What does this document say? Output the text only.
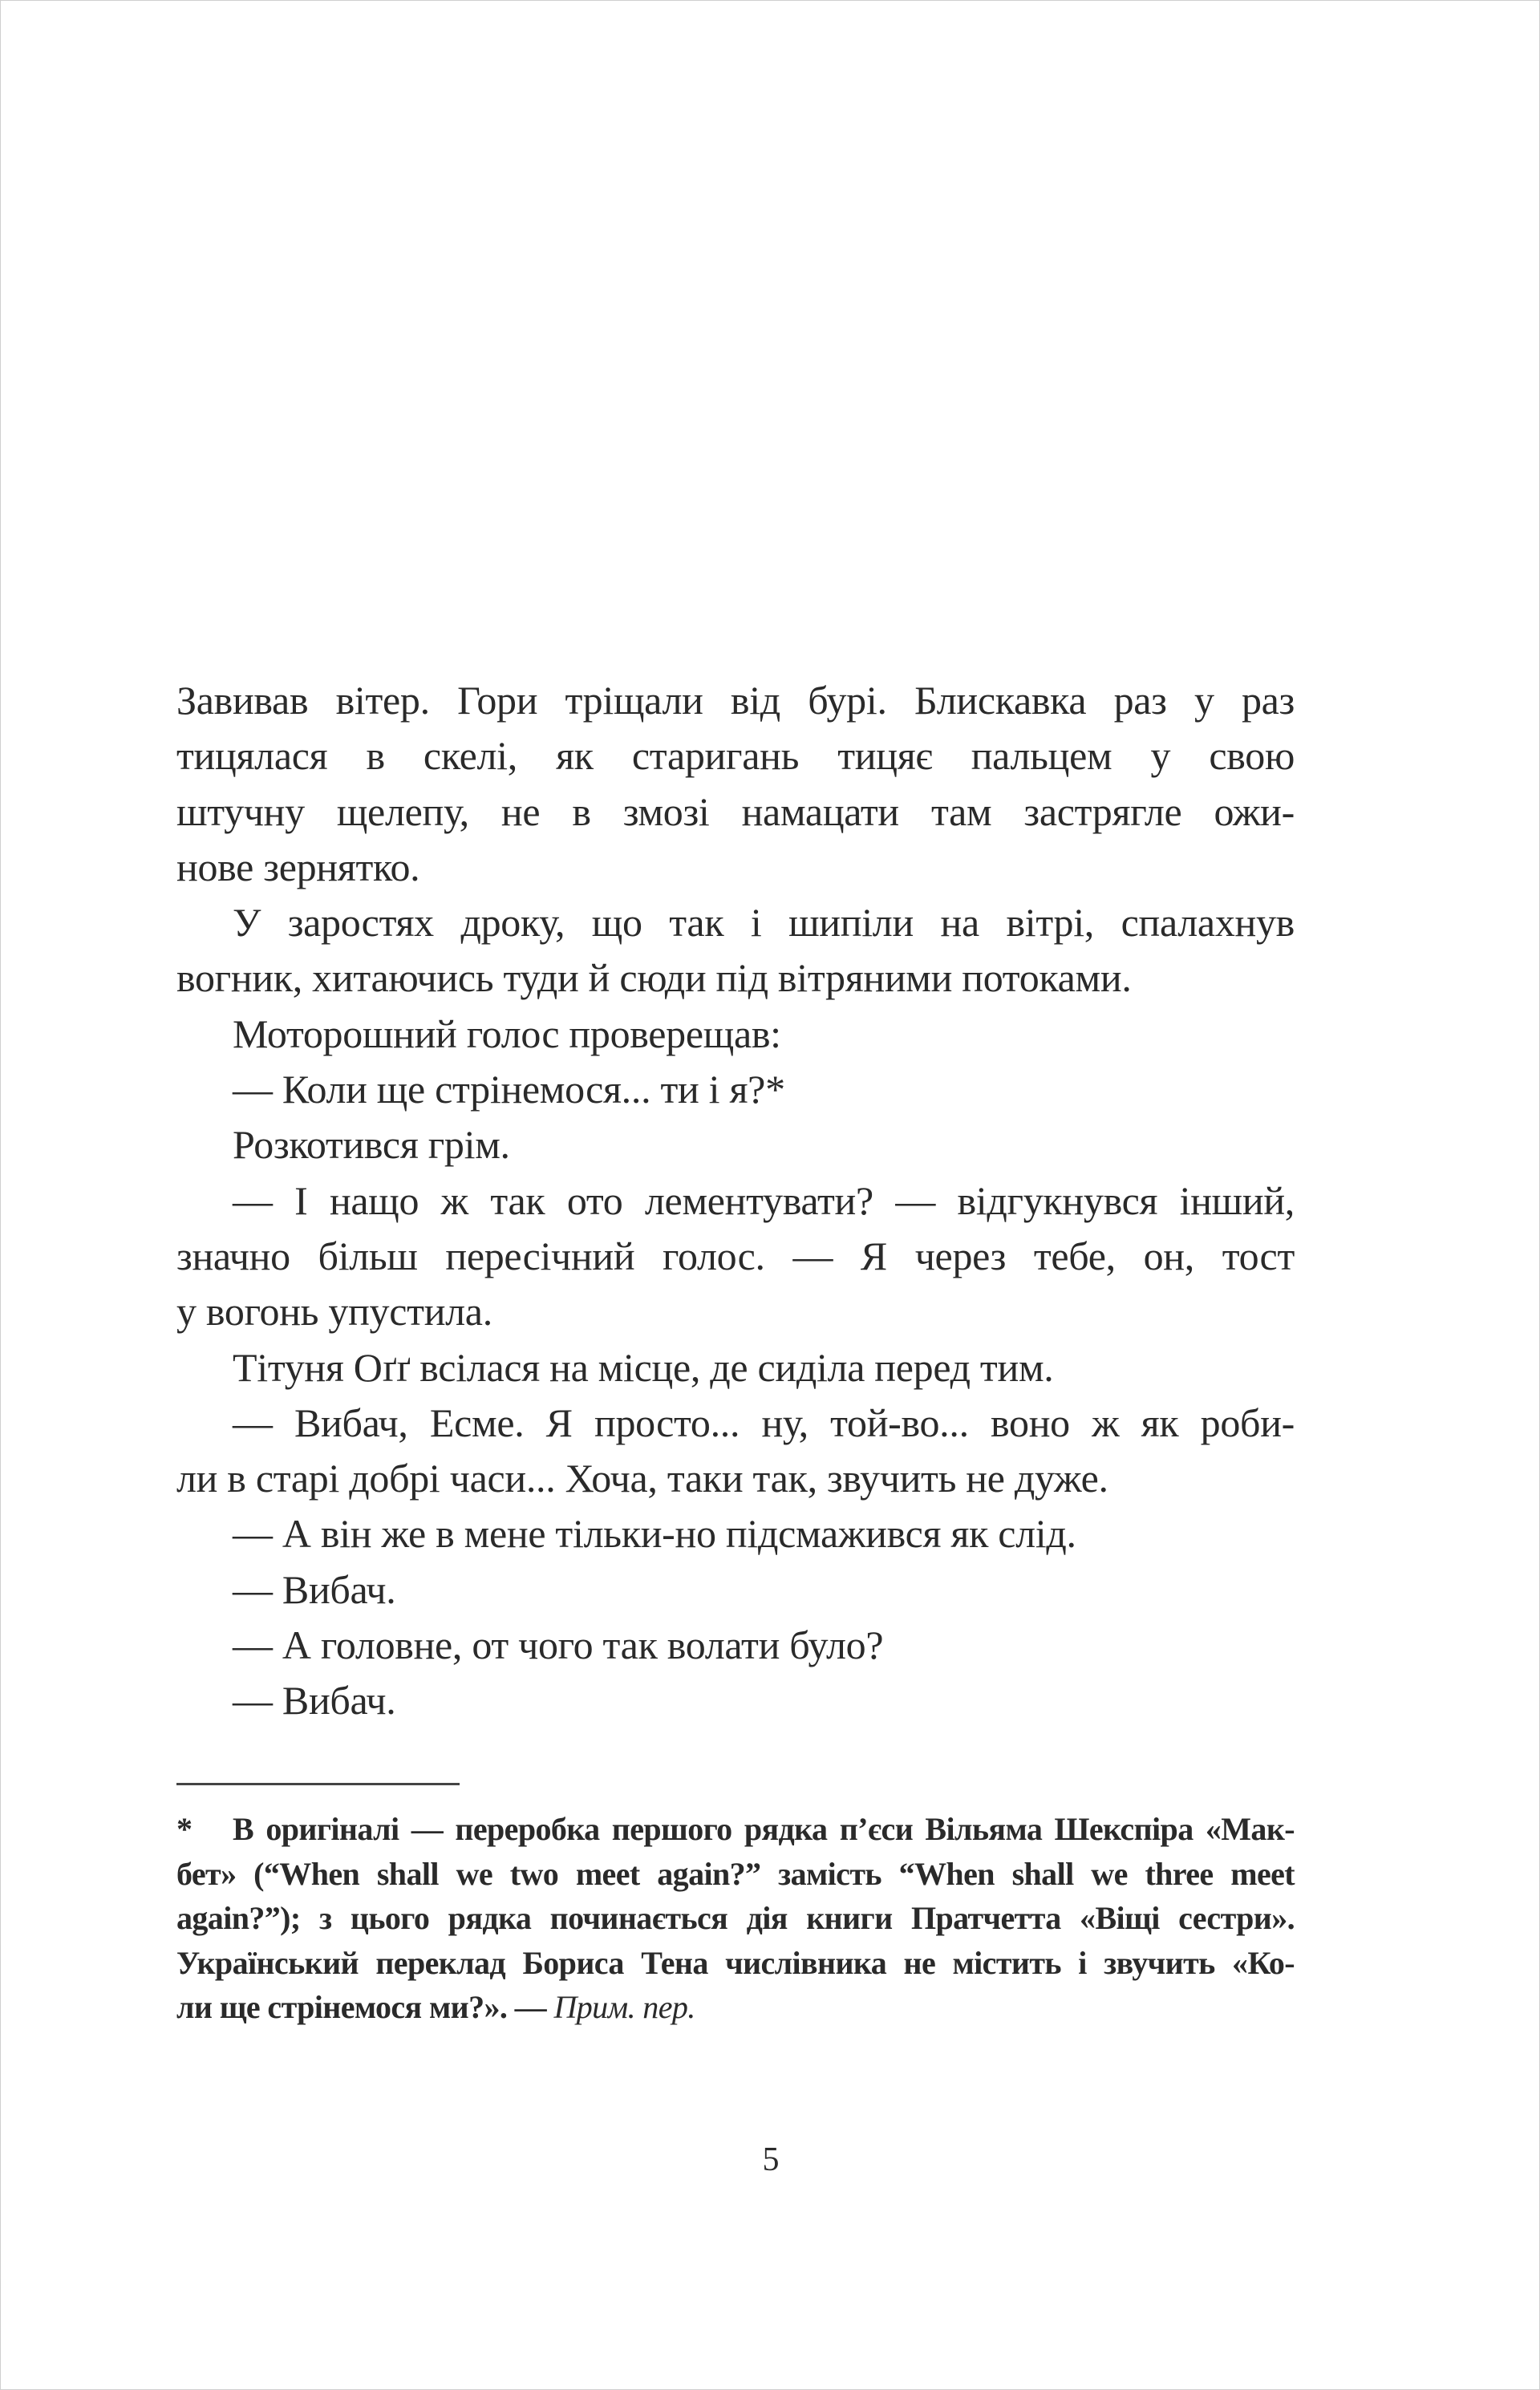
Завивав вітер. Гори тріщали від бурі. Блискавка раз у раз
тицялася в скелі, як старигань тицяє пальцем у свою
штучну щелепу, не в змозі намацати там застрягле ожи-
нове зернятко.
У заростях дроку, що так і шипіли на вітрі, спалахнув
вогник, хитаючись туди й сюди під вітряними потоками.
Моторошний голос проверещав:
— Коли ще стрінемося... ти і я?*
Розкотився грім.
— І нащо ж так ото лементувати? — відгукнувся інший,
значно більш пересічний голос. — Я через тебе, он, тост
у вогонь упустила.
Тітуня Оґґ всілася на місце, де сиділа перед тим.
— Вибач, Есме. Я просто... ну, той-во... воно ж як роби-
ли в старі добрі часи... Хоча, таки так, звучить не дуже.
— А він же в мене тільки-но підсмажився як слід.
— Вибач.
— А головне, от чого так волати було?
— Вибач.
* В оригіналі — переробка першого рядка п’єси Вільяма Шекспіра «Мак-
бет» (“When shall we two meet again?” замість “When shall we three meet
again?”); з цього рядка починається дія книги Пратчетта «Віщі сестри».
Український переклад Бориса Тена числівника не містить і звучить «Ко-
ли ще стрінемося ми?». — Прим. пер.
5
